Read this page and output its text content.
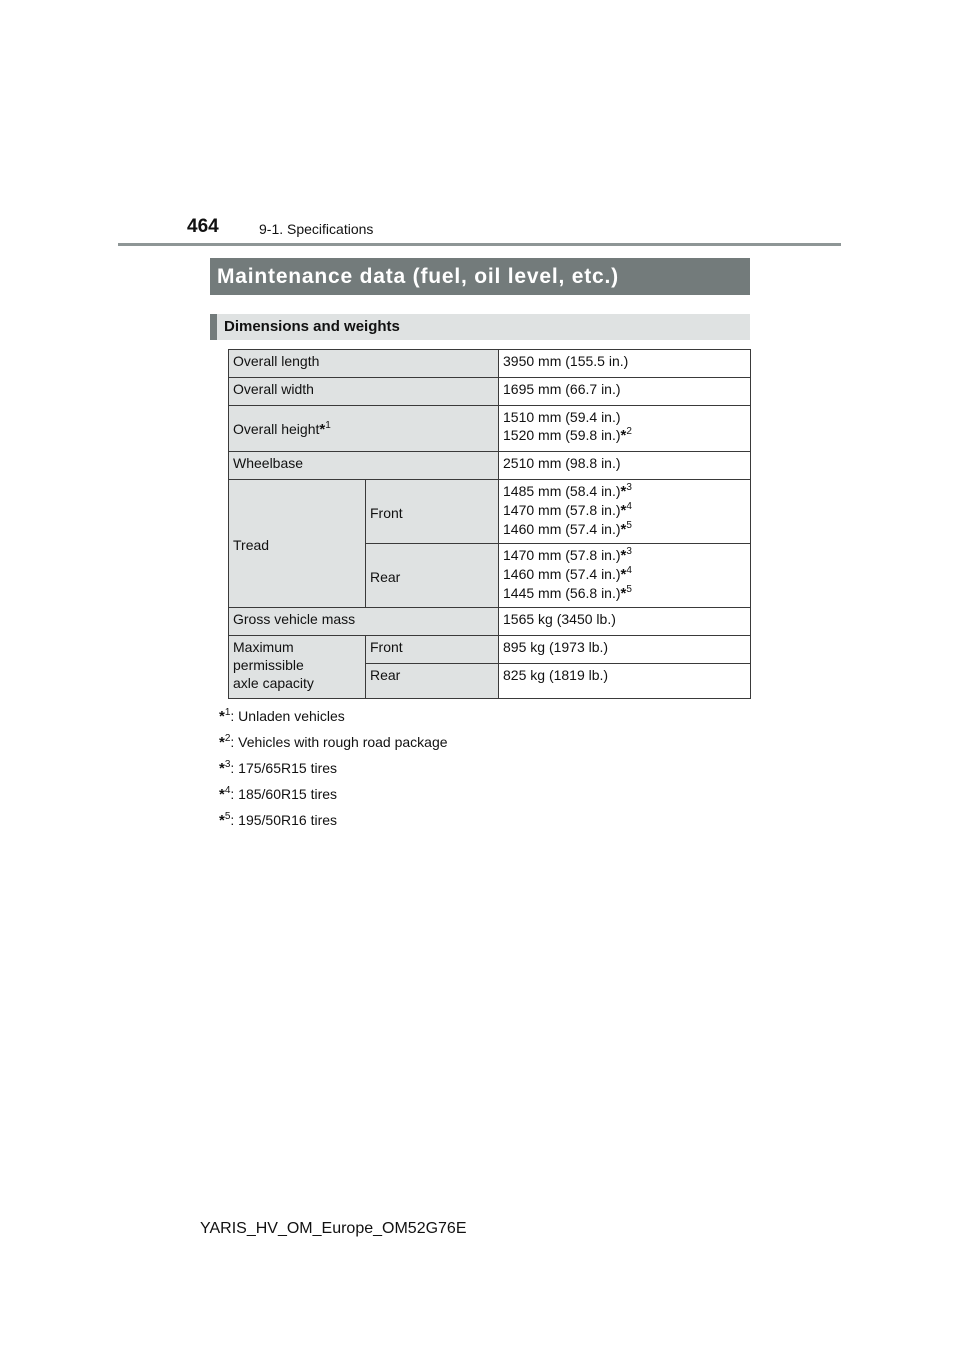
464	9-1. Specifications
Maintenance data (fuel, oil level, etc.)
Dimensions and weights
Overall length		3950 mm (155.5 in.)
Overall width		1695 mm (66.7 in.)
Overall height*$^1$		1510 mm (59.4 in.)
1520 mm (59.8 in.)*$^2$

Wheelbase		2510 mm (98.8 in.)
Tread	Front	1485 mm (58.4 in.)*$^3$
1470 mm (57.8 in.)*$^4$
1460 mm (57.4 in.)*$^5$

	Rear	1470 mm (57.8 in.)*$^3$
1460 mm (57.4 in.)*$^4$
1445 mm (56.8 in.)*$^5$

Gross vehicle mass		1565 kg (3450 lb.)

Maximum
permissible
axle capacity	Front	895 kg (1973 lb.)
	Rear	825 kg (1819 lb.)
*$^1$: Unladen vehicles
*$^2$: Vehicles with rough road package
*$^3$: 175/65R15 tires
*$^4$: 185/60R15 tires
*$^5$: 195/50R16 tires
YARIS_HV_OM_Europe_OM52G76E
